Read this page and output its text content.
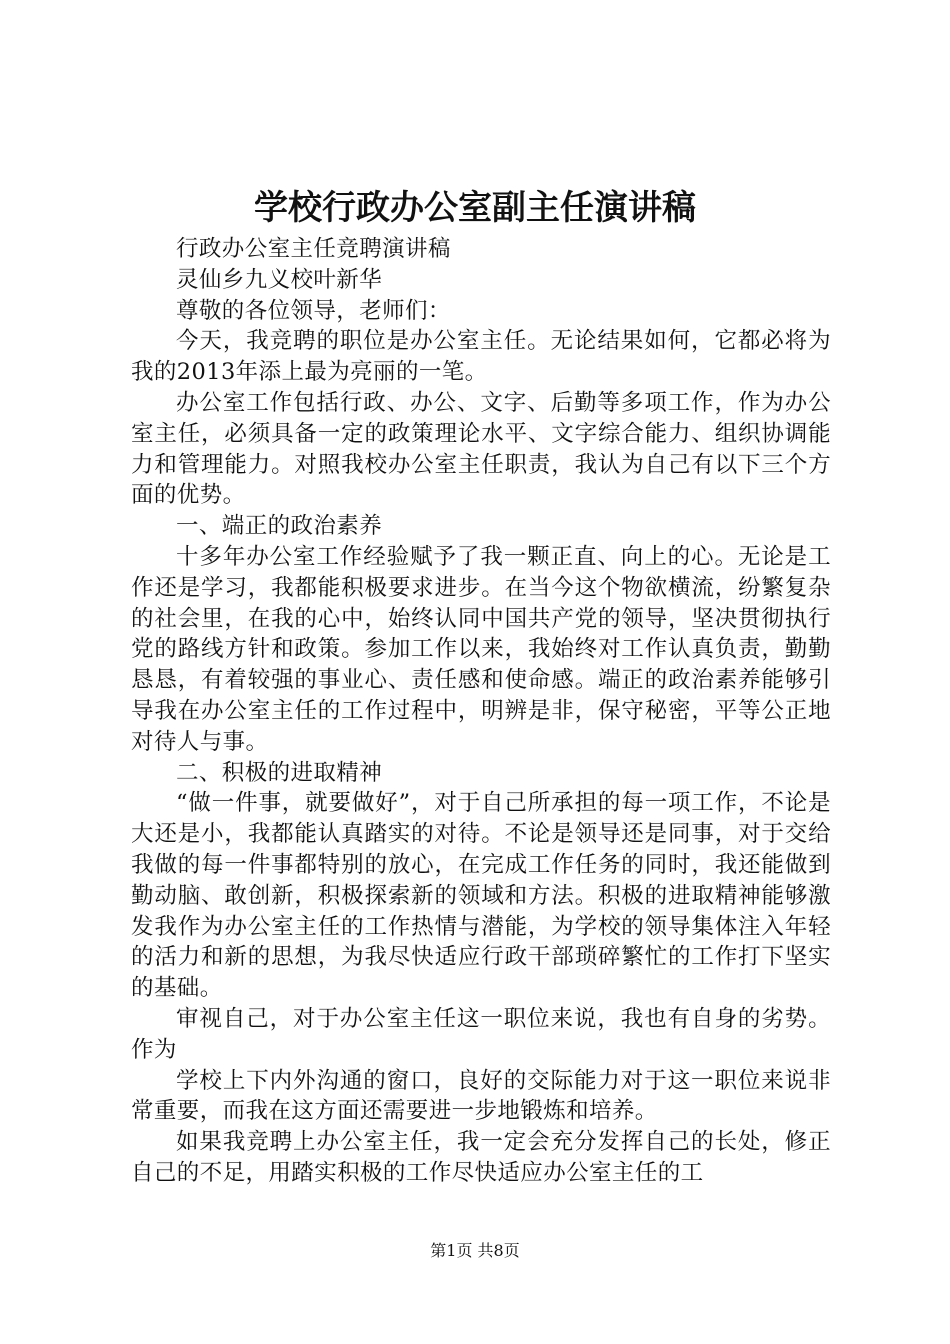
学校行政办公室副主任演讲稿

行政办公室主任竞聘演讲稿

灵仙乡九义校叶新华

尊敬的各位领导，老师们：

今天，我竞聘的职位是办公室主任。无论结果如何，它都必将为我的2013年添上最为亮丽的一笔。

办公室工作包括行政、办公、文字、后勤等多项工作，作为办公室主任，必须具备一定的政策理论水平、文字综合能力、组织协调能力和管理能力。对照我校办公室主任职责，我认为自己有以下三个方面的优势。

一、端正的政治素养

十多年办公室工作经验赋予了我一颗正直、向上的心。无论是工作还是学习，我都能积极要求进步。在当今这个物欲横流，纷繁复杂的社会里，在我的心中，始终认同中国共产党的领导，坚决贯彻执行党的路线方针和政策。参加工作以来，我始终对工作认真负责，勤勤恳恳，有着较强的事业心、责任感和使命感。端正的政治素养能够引导我在办公室主任的工作过程中，明辨是非，保守秘密，平等公正地对待人与事。

二、积极的进取精神

“做一件事，就要做好”，对于自己所承担的每一项工作，不论是大还是小，我都能认真踏实的对待。不论是领导还是同事，对于交给我做的每一件事都特别的放心，在完成工作任务的同时，我还能做到勤动脑、敢创新，积极探索新的领域和方法。积极的进取精神能够激发我作为办公室主任的工作热情与潜能，为学校的领导集体注入年轻的活力和新的思想，为我尽快适应行政干部琐碎繁忙的工作打下坚实的基础。

审视自己，对于办公室主任这一职位来说，我也有自身的劣势。作为

学校上下内外沟通的窗口，良好的交际能力对于这一职位来说非常重要，而我在这方面还需要进一步地锻炼和培养。

如果我竞聘上办公室主任，我一定会充分发挥自己的长处，修正自己的不足，用踏实积极的工作尽快适应办公室主任的工

第1页 共8页
